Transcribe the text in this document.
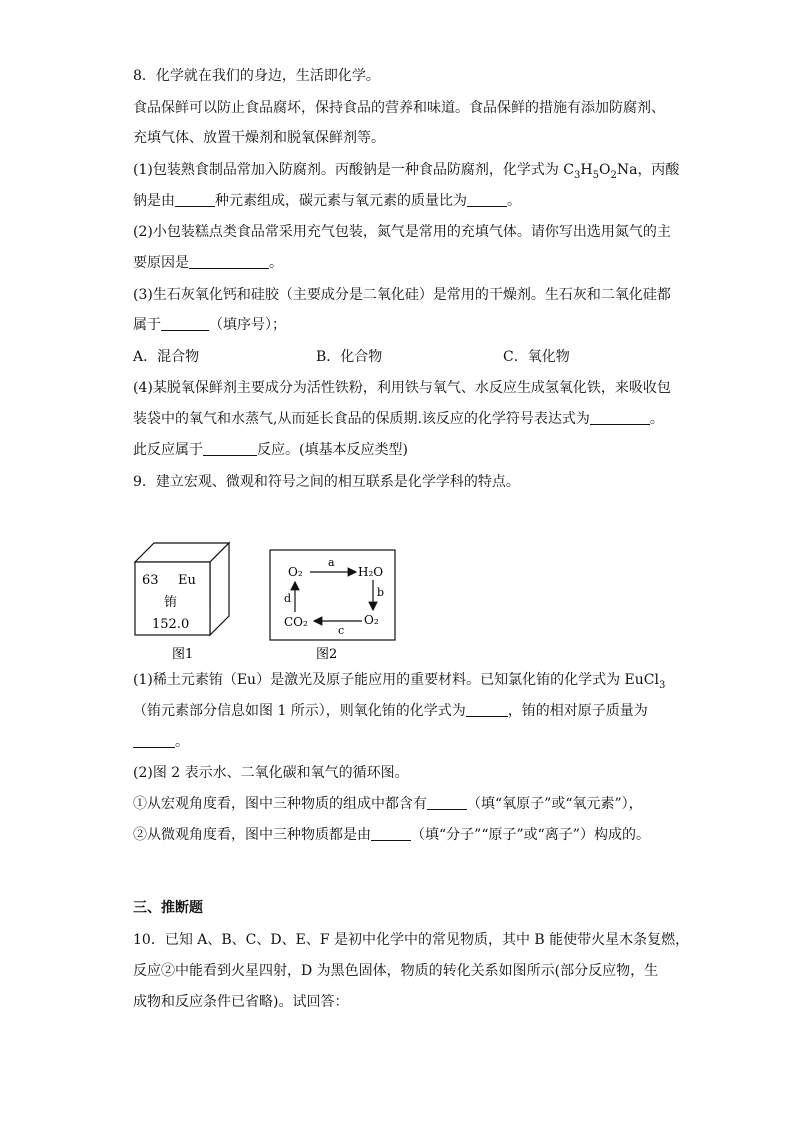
8．化学就在我们的身边，生活即化学。
食品保鲜可以防止食品腐坏，保持食品的营养和味道。食品保鲜的措施有添加防腐剂、
充填气体、放置干燥剂和脱氧保鲜剂等。
(1)包装熟食制品常加入防腐剂。丙酸钠是一种食品防腐剂，化学式为 $C_3H_5O_2Na$，丙酸
钠是由	种元素组成，碳元素与氧元素的质量比为	。
(2)小包装糕点类食品常采用充气包装，氮气是常用的充填气体。请你写出选用氮气的主
要原因是	。
(3)生石灰氧化钙和硅胶（主要成分是二氧化硅）是常用的干燥剂。生石灰和二氧化硅都
属于	（填序号）；
A．混合物	B．化合物	C．氧化物
(4)某脱氧保鲜剂主要成分为活性铁粉，利用铁与氧气、水反应生成氢氧化铁，来吸收包
装袋中的氧气和水蒸气,从而延长食品的保质期.该反应的化学符号表达式为	。
此反应属于	反应。(填基本反应类型)
9．建立宏观、微观和符号之间的相互联系是化学学科的特点。
63 Eu
铕
152.0
图1
O₂	H₂O
O₂
CO₂
a
b
c
d
图2
(1)稀土元素铕（Eu）是激光及原子能应用的重要材料。已知氯化铕的化学式为 EuCl$_3$
（铕元素部分信息如图 1 所示），则氧化铕的化学式为	，铕的相对原子质量为
。
(2)图 2 表示水、二氧化碳和氧气的循环图。
①从宏观角度看，图中三种物质的组成中都含有	（填“氧原子”或“氧元素”），
②从微观角度看，图中三种物质都是由	（填“分子”“原子”或“离子”）构成的。
三、推断题
10．已知 A、B、C、D、E、F 是初中化学中的常见物质，其中 B 能使带火星木条复燃，
反应②中能看到火星四射，D 为黑色固体，物质的转化关系如图所示(部分反应物，生
成物和反应条件已省略)。试回答：
